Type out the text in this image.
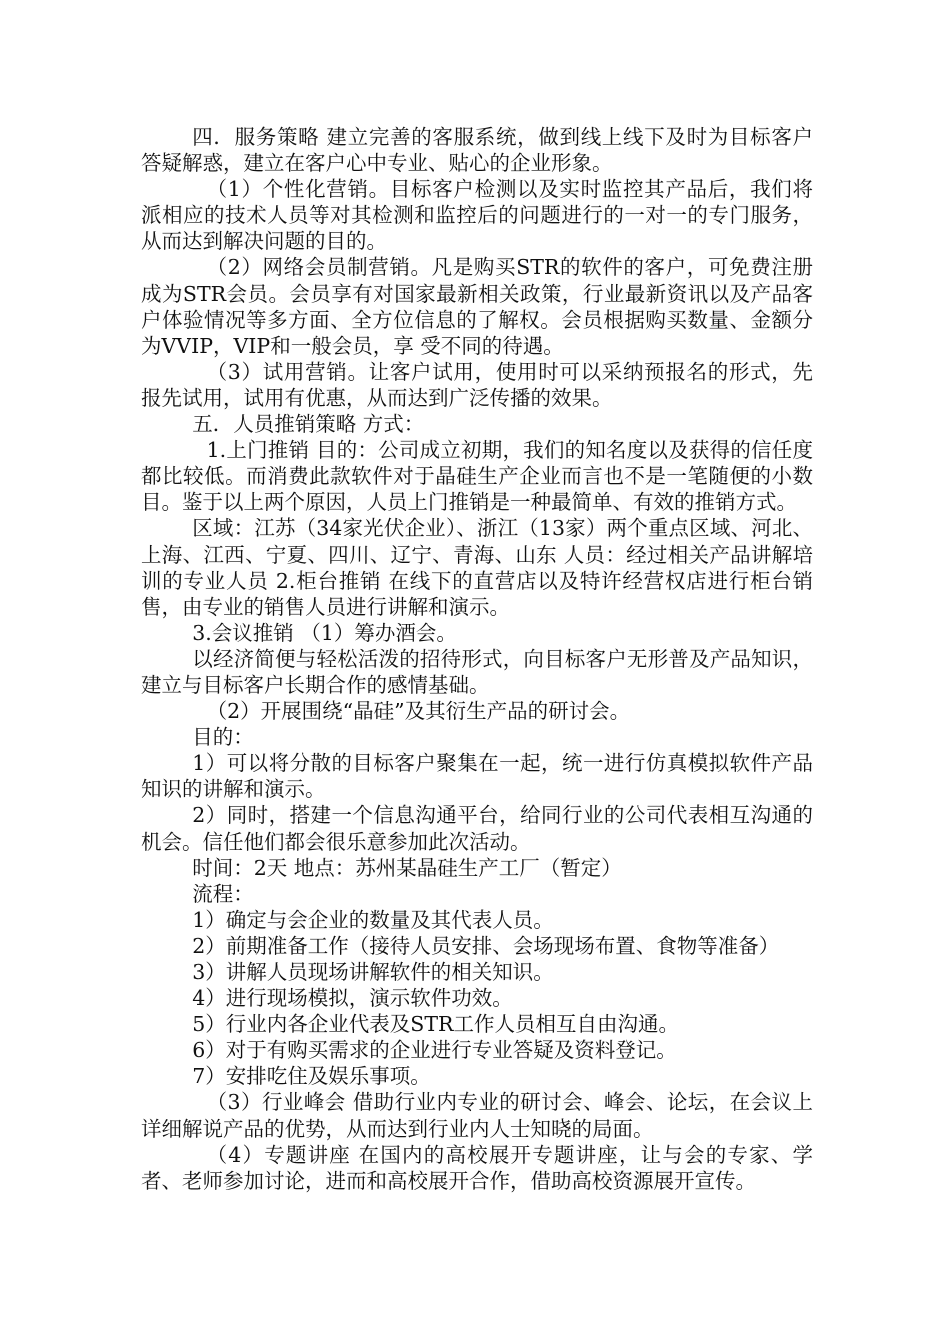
四．服务策略 建立完善的客服系统，做到线上线下及时为目标客户答疑解惑，建立在客户心中专业、贴心的企业形象。

（1）个性化营销。目标客户检测以及实时监控其产品后，我们将派相应的技术人员等对其检测和监控后的问题进行的一对一的专门服务，从而达到解决问题的目的。

（2）网络会员制营销。凡是购买STR的软件的客户，可免费注册成为STR会员。会员享有对国家最新相关政策，行业最新资讯以及产品客户体验情况等多方面、全方位信息的了解权。会员根据购买数量、金额分为VVIP，VIP和一般会员，享 受不同的待遇。

（3）试用营销。让客户试用，使用时可以采纳预报名的形式，先报先试用，试用有优惠，从而达到广泛传播的效果。

五．人员推销策略 方式：

1.上门推销 目的：公司成立初期，我们的知名度以及获得的信任度都比较低。而消费此款软件对于晶硅生产企业而言也不是一笔随便的小数目。鉴于以上两个原因，人员上门推销是一种最简单、有效的推销方式。

区域：江苏（34家光伏企业）、浙江（13家）两个重点区域、河北、上海、江西、宁夏、四川、辽宁、青海、山东 人员：经过相关产品讲解培训的专业人员 2.柜台推销 在线下的直营店以及特许经营权店进行柜台销售，由专业的销售人员进行讲解和演示。

3.会议推销 （1）筹办酒会。

以经济简便与轻松活泼的招待形式，向目标客户无形普及产品知识，建立与目标客户长期合作的感情基础。

（2）开展围绕“晶硅”及其衍生产品的研讨会。

目的：

1）可以将分散的目标客户聚集在一起，统一进行仿真模拟软件产品知识的讲解和演示。

2）同时，搭建一个信息沟通平台，给同行业的公司代表相互沟通的机会。信任他们都会很乐意参加此次活动。

时间：2天 地点：苏州某晶硅生产工厂（暂定）

流程：

1）确定与会企业的数量及其代表人员。

2）前期准备工作（接待人员安排、会场现场布置、食物等准备）

3）讲解人员现场讲解软件的相关知识。

4）进行现场模拟，演示软件功效。

5）行业内各企业代表及STR工作人员相互自由沟通。

6）对于有购买需求的企业进行专业答疑及资料登记。

7）安排吃住及娱乐事项。

（3）行业峰会 借助行业内专业的研讨会、峰会、论坛，在会议上详细解说产品的优势，从而达到行业内人士知晓的局面。

（4）专题讲座 在国内的高校展开专题讲座，让与会的专家、学者、老师参加讨论，进而和高校展开合作，借助高校资源展开宣传。
